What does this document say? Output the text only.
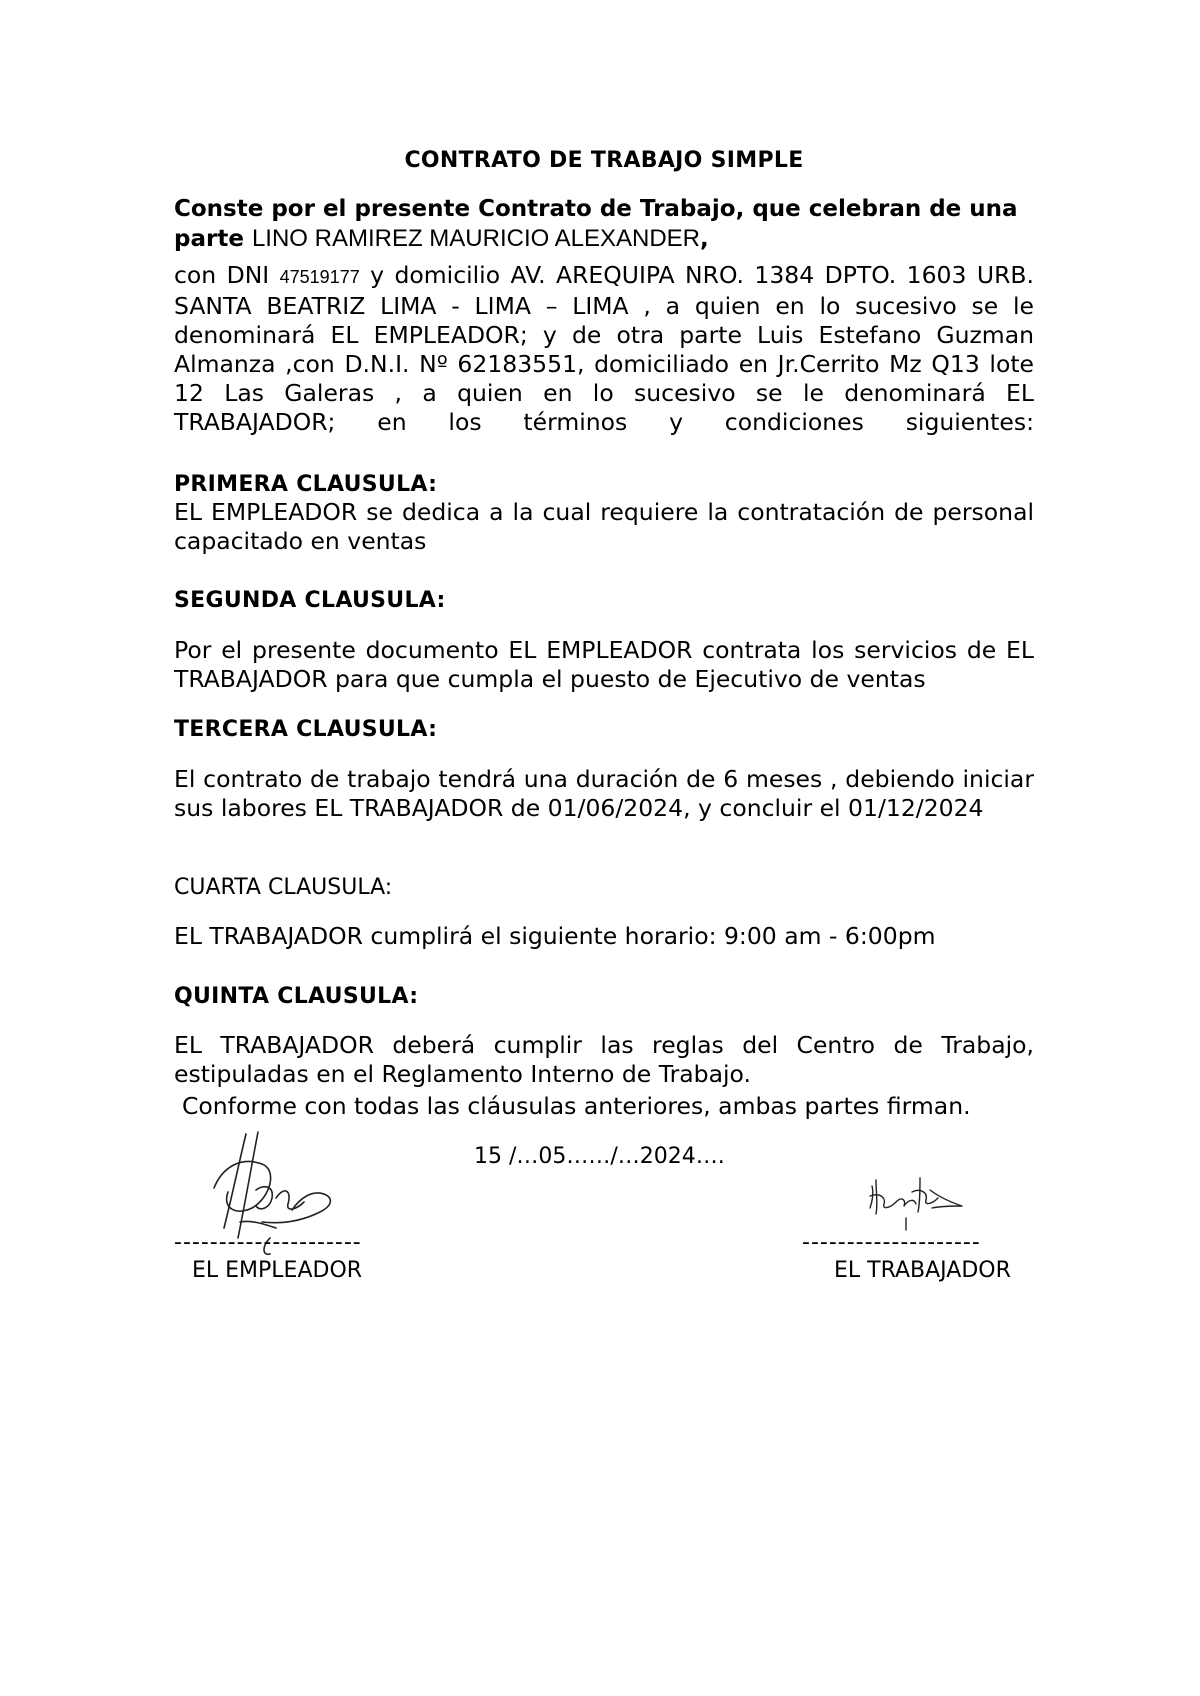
CONTRATO DE TRABAJO SIMPLE
Conste por el presente Contrato de Trabajo, que celebran de una parte LINO RAMIREZ MAURICIO ALEXANDER,
con DNI 47519177 y domicilio AV. AREQUIPA NRO. 1384 DPTO. 1603 URB. SANTA BEATRIZ LIMA - LIMA – LIMA , a quien en lo sucesivo se le denominará EL EMPLEADOR; y de otra parte Luis Estefano Guzman Almanza ,con D.N.I. Nº 62183551, domiciliado en Jr.Cerrito Mz Q13 lote 12 Las Galeras , a quien en lo sucesivo se le denominará EL TRABAJADOR; en los términos y condiciones siguientes:
PRIMERA CLAUSULA:
EL EMPLEADOR se dedica a la cual requiere la contratación de personal capacitado en ventas
SEGUNDA CLAUSULA:
Por el presente documento EL EMPLEADOR contrata los servicios de EL TRABAJADOR para que cumpla el puesto de Ejecutivo de ventas
TERCERA CLAUSULA:
El contrato de trabajo tendrá una duración de 6 meses , debiendo iniciar sus labores EL TRABAJADOR de 01/06/2024, y concluir el 01/12/2024
CUARTA CLAUSULA:
EL TRABAJADOR cumplirá el siguiente horario: 9:00 am - 6:00pm
QUINTA CLAUSULA:
EL TRABAJADOR deberá cumplir las reglas del Centro de Trabajo, estipuladas en el Reglamento Interno de Trabajo.
Conforme con todas las cláusulas anteriores, ambas partes firman.
15 /…05……/…2024….
---------------------	--------------------
EL EMPLEADOR	EL TRABAJADOR
